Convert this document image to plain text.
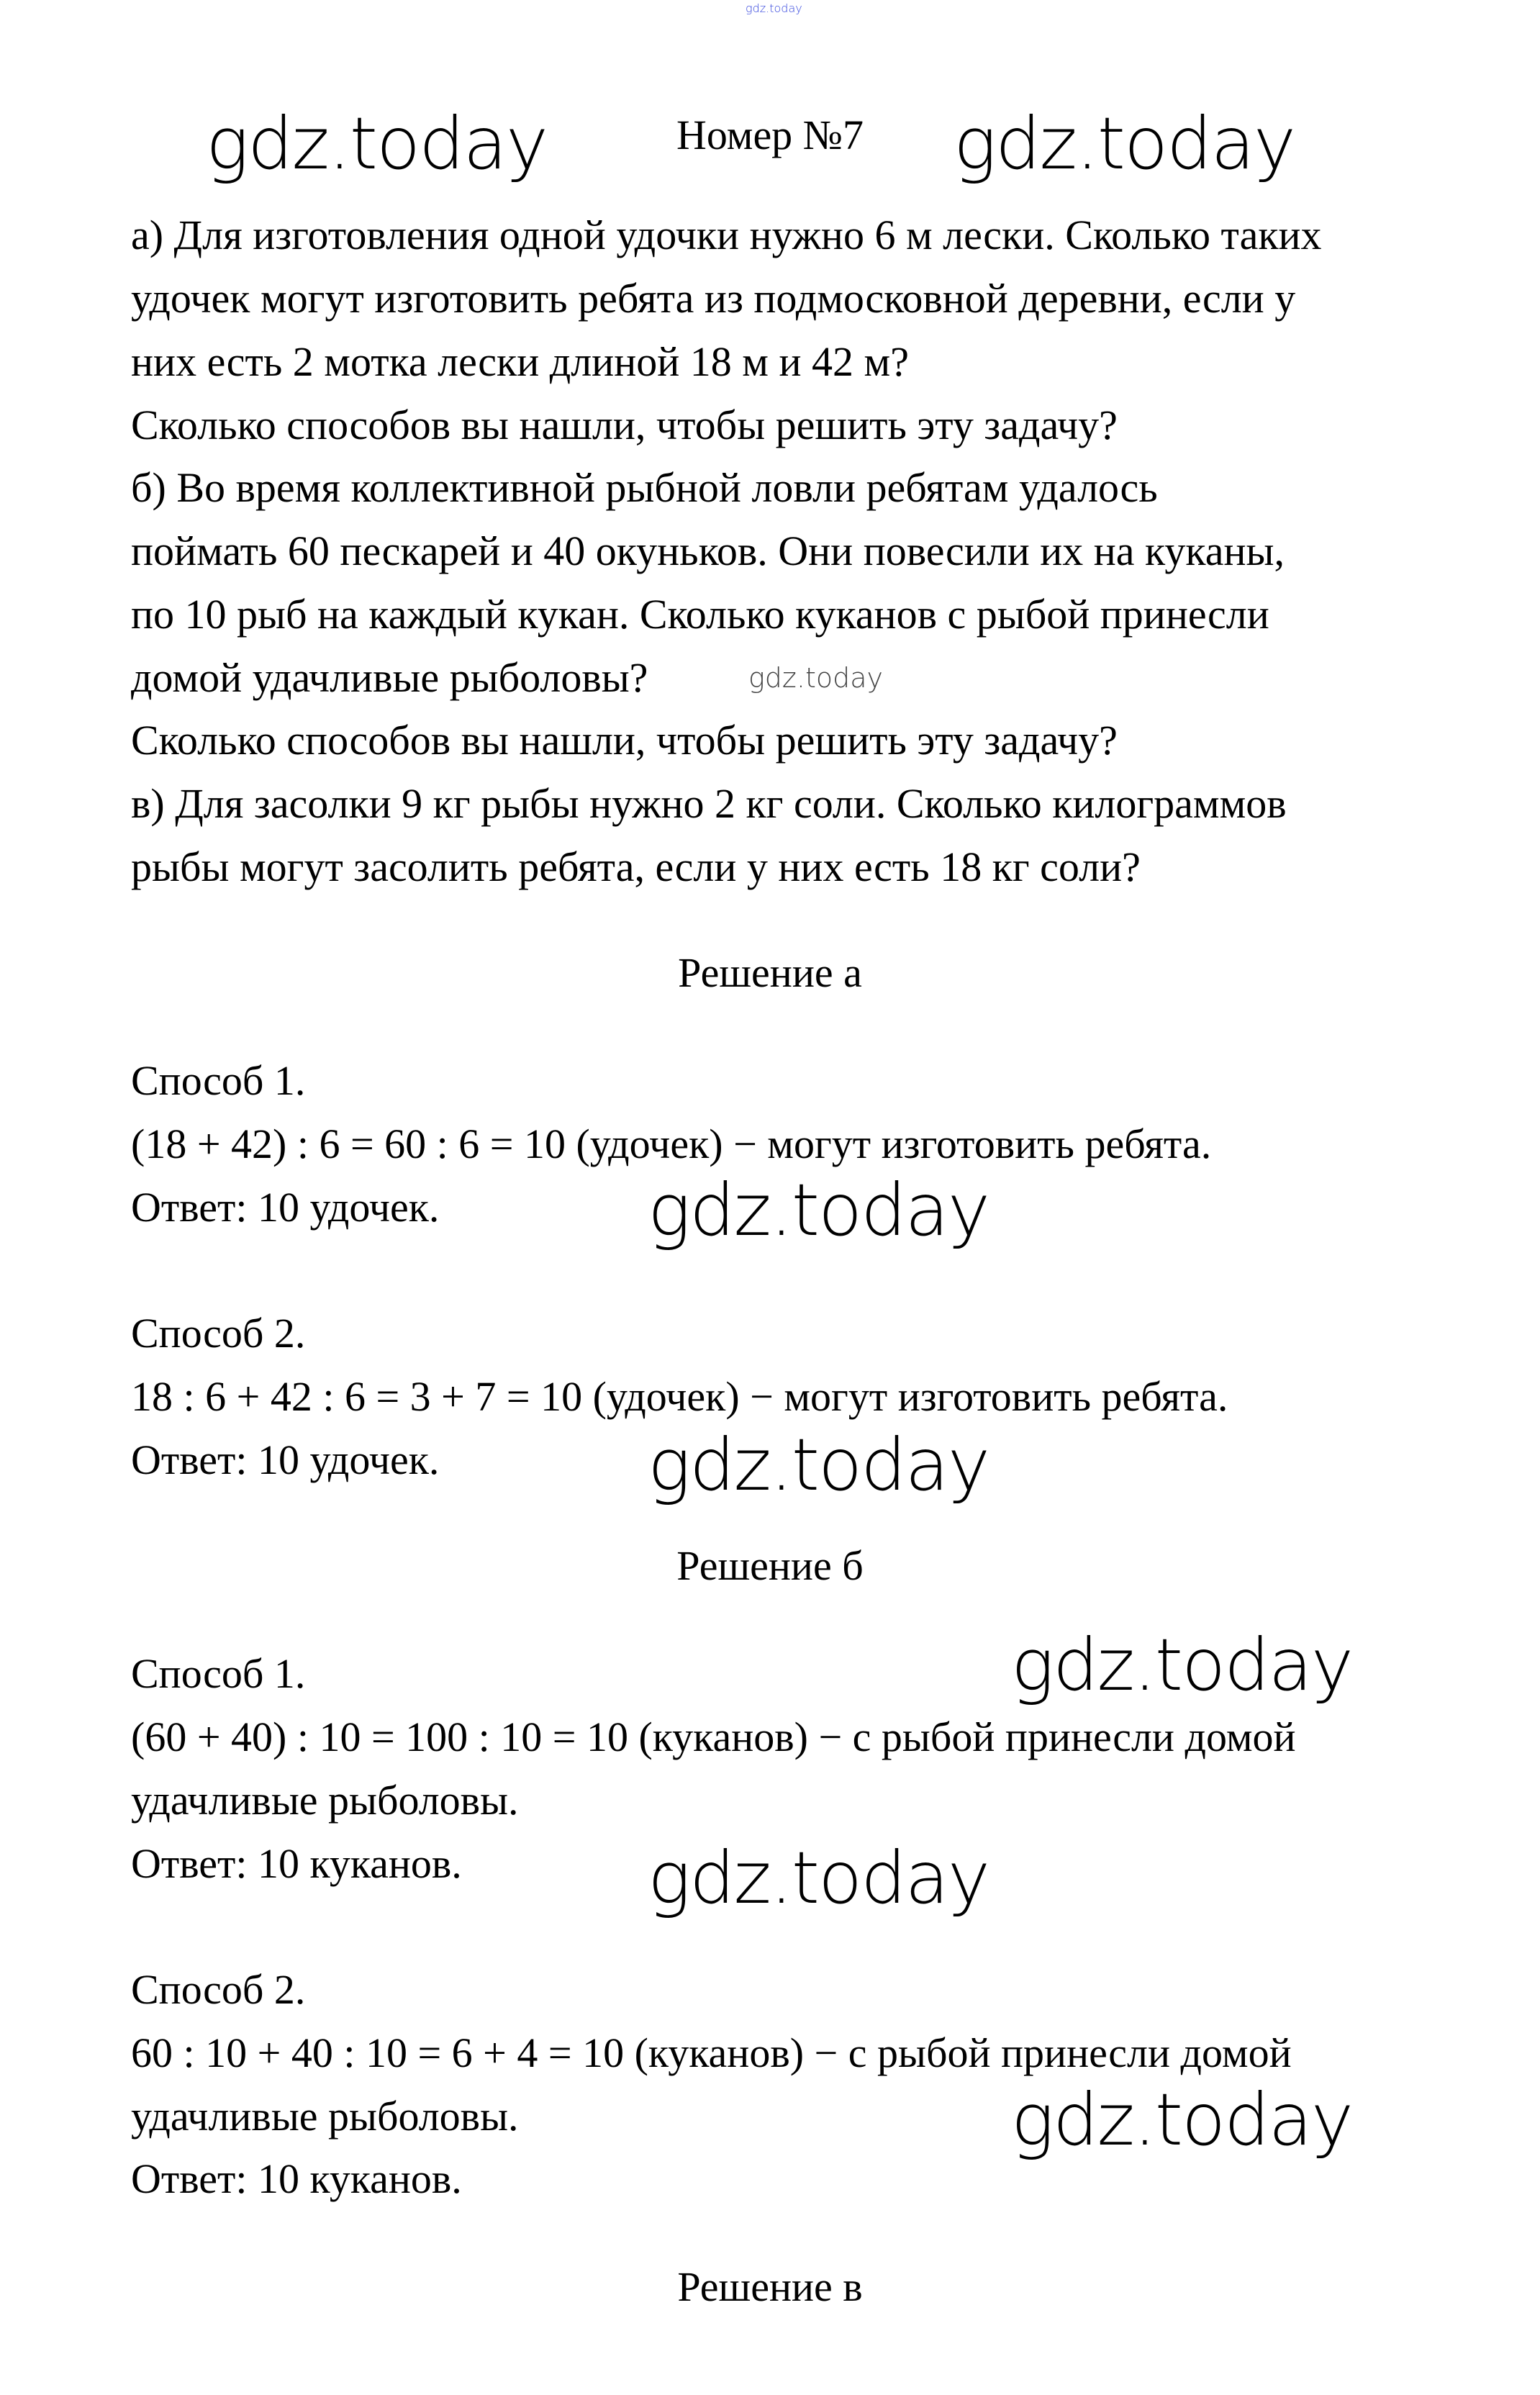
gdz.today
Номер №7
а) Для изготовления одной удочки нужно 6 м лески. Сколько таких
удочек могут изготовить ребята из подмосковной деревни, если у
них есть 2 мотка лески длиной 18 м и 42 м?
Сколько способов вы нашли, чтобы решить эту задачу?
б) Во время коллективной рыбной ловли ребятам удалось
поймать 60 пескарей и 40 окуньков. Они повесили их на куканы,
по 10 рыб на каждый кукан. Сколько куканов с рыбой принесли
домой удачливые рыболовы?
Сколько способов вы нашли, чтобы решить эту задачу?
в) Для засолки 9 кг рыбы нужно 2 кг соли. Сколько килограммов
рыбы могут засолить ребята, если у них есть 18 кг соли?
Решение а
Способ 1.
(18 + 42) : 6 = 60 : 6 = 10 (удочек) − могут изготовить ребята.
Ответ: 10 удочек.
Способ 2.
18 : 6 + 42 : 6 = 3 + 7 = 10 (удочек) − могут изготовить ребята.
Ответ: 10 удочек.
Решение б
Способ 1.
(60 + 40) : 10 = 100 : 10 = 10 (куканов) − с рыбой принесли домой
удачливые рыболовы.
Ответ: 10 куканов.
Способ 2.
60 : 10 + 40 : 10 = 6 + 4 = 10 (куканов) − с рыбой принесли домой
удачливые рыболовы.
Ответ: 10 куканов.
Решение в
gdz.today	gdz.today
gdz.today
gdz.today
gdz.today
gdz.today
gdz.today
gdz.today
